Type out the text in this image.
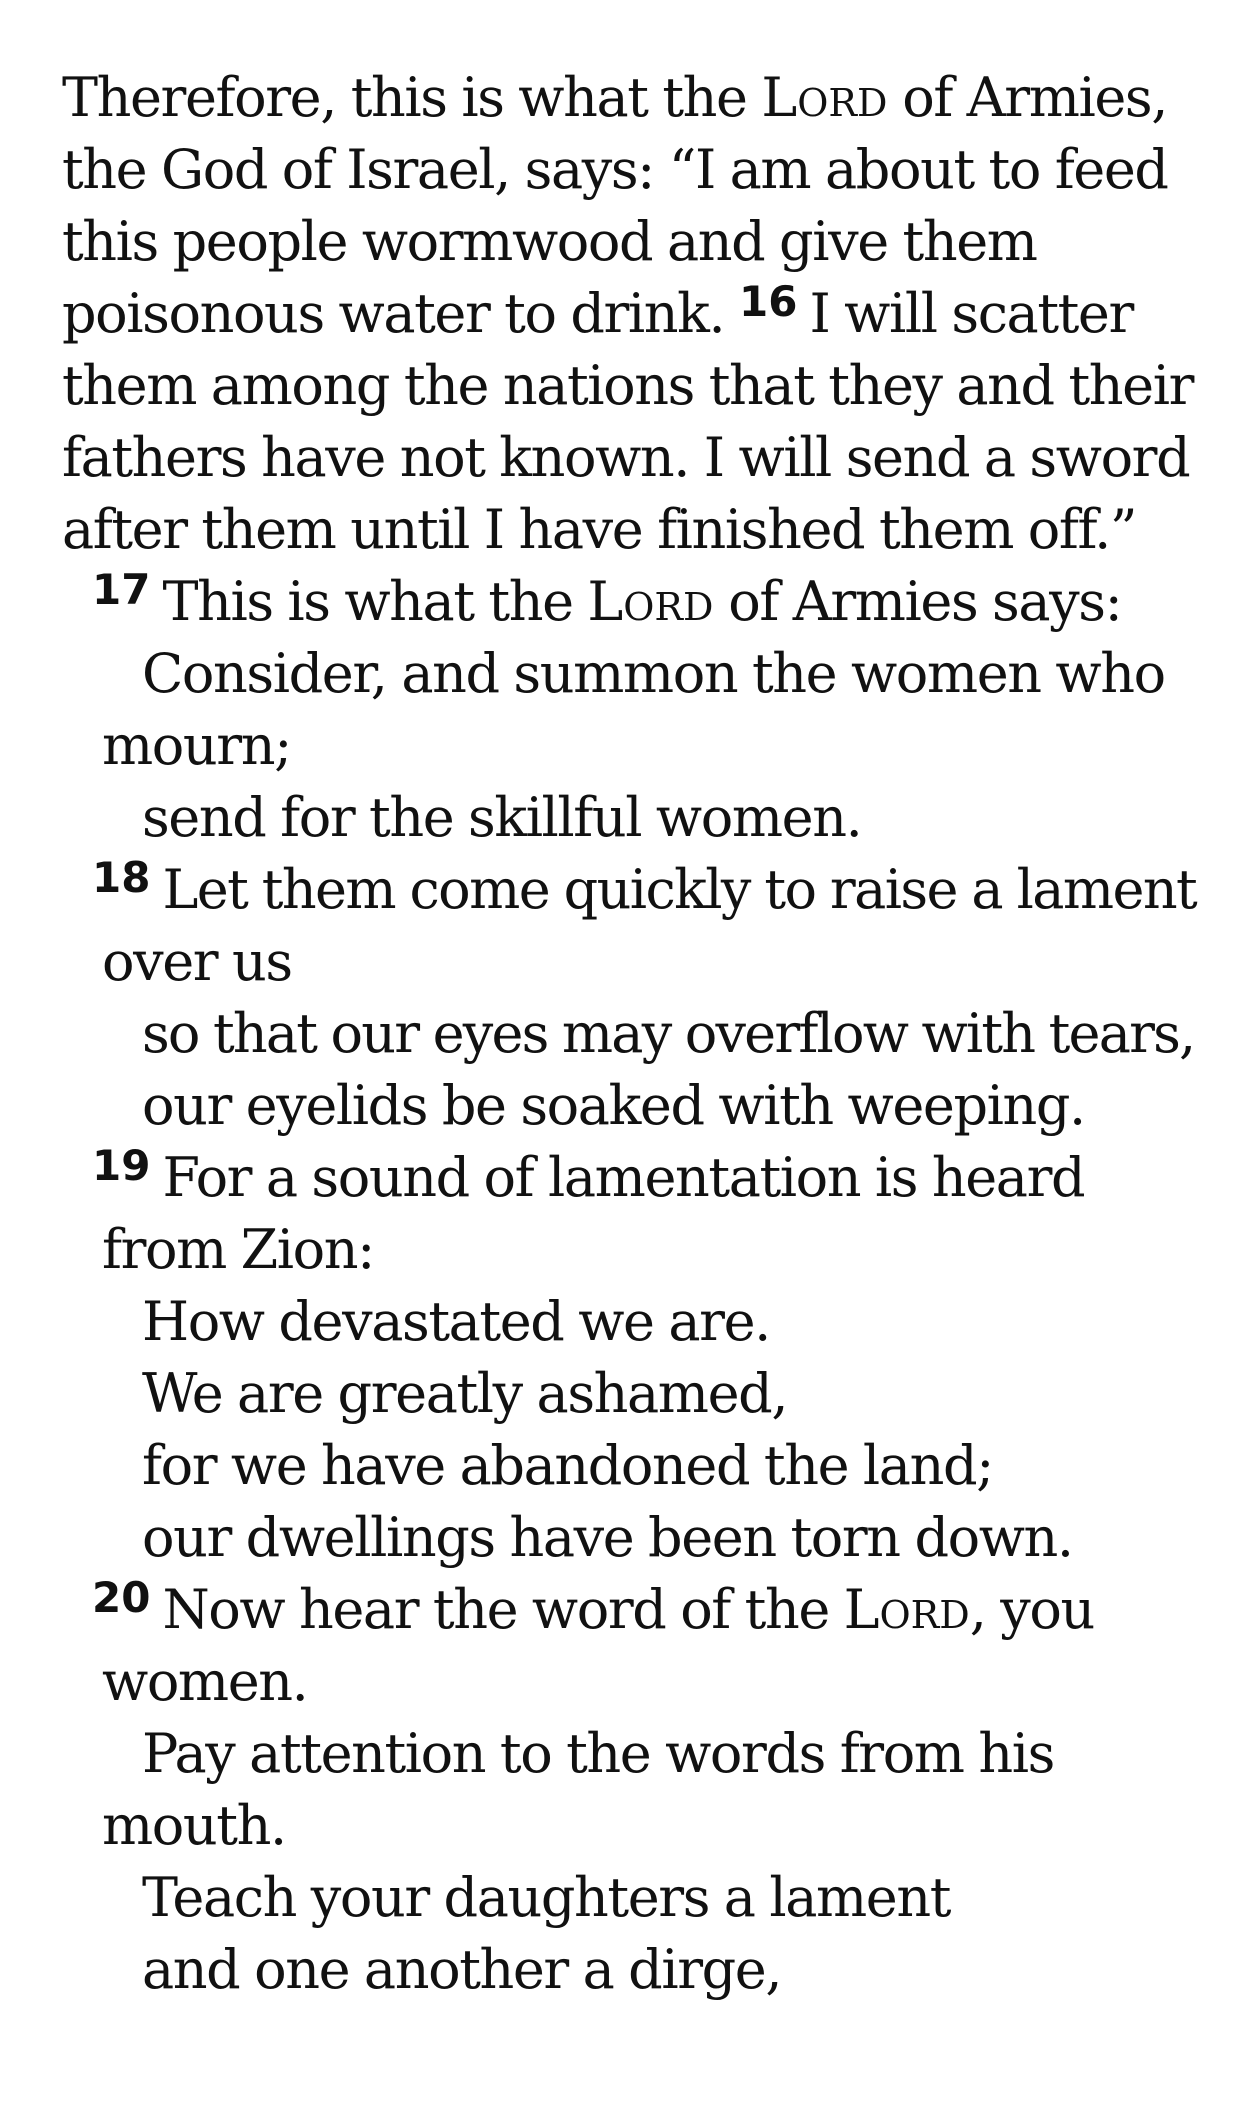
Therefore, this is what the Lord of Armies,
the God of Israel, says: “I am about to feed
this people wormwood and give them
poisonous water to drink. $^{16}$ I will scatter
them among the nations that they and their
fathers have not known. I will send a sword
after them until I have finished them off.”
$^{17}$ This is what the Lord of Armies says:
Consider, and summon the women who
mourn;
send for the skillful women.
$^{18}$ Let them come quickly to raise a lament
over us
so that our eyes may overflow with tears,
our eyelids be soaked with weeping.
$^{19}$ For a sound of lamentation is heard
from Zion:
How devastated we are.
We are greatly ashamed,
for we have abandoned the land;
our dwellings have been torn down.
$^{20}$ Now hear the word of the Lord, you
women.
Pay attention to the words from his
mouth.
Teach your daughters a lament
and one another a dirge,
